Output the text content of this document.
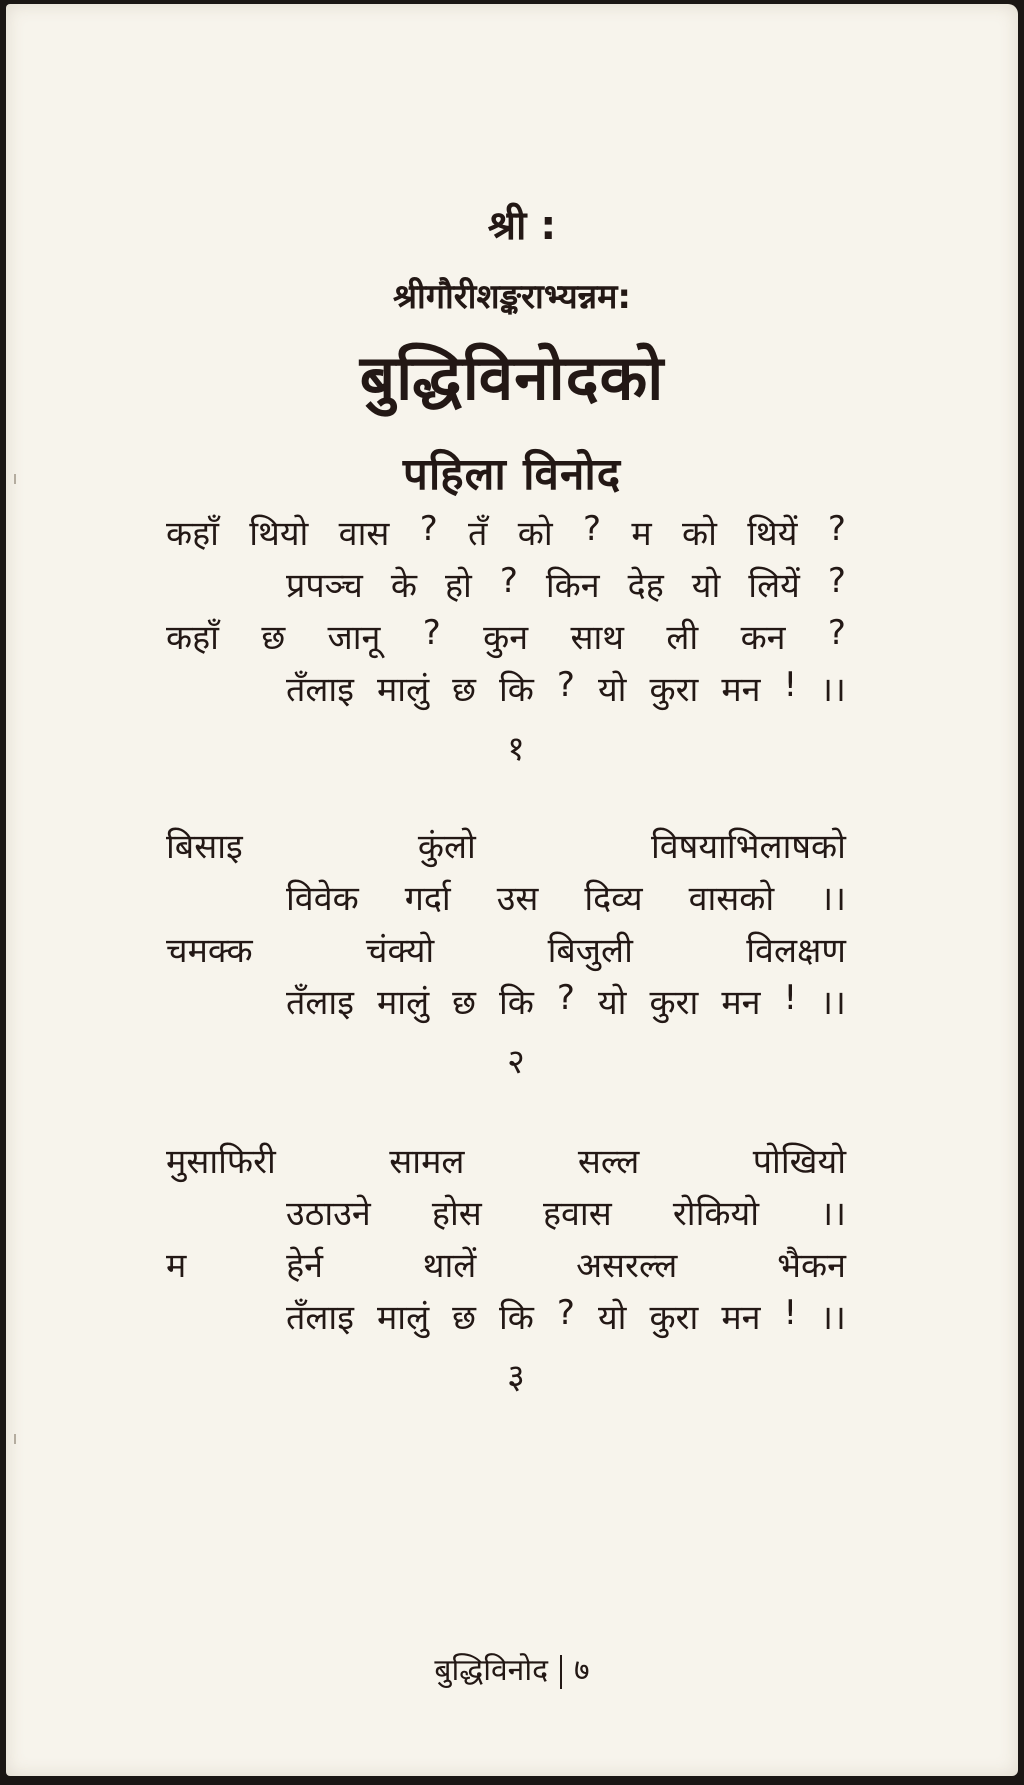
श्री :
श्रीगौरीशङ्कराभ्यन्नम:
बुद्धिविनोदको
पहिला विनोद
कहाँ थियो वास ? तँ को ? म को थियें ?
प्रपञ्च के हो ? किन देह यो लियें ?
कहाँ छ जानू ? कुन साथ ली कन ?
तँलाइ मालुं छ कि ? यो कुरा मन ! ।।
१
बिसाइ	कुंलो	विषयाभिलाषको
विवेक गर्दा उस दिव्य वासको ।।
चमक्क	चंक्यो	बिजुली	विलक्षण
तँलाइ मालुं छ कि ? यो कुरा मन ! ।।
२
मुसाफिरी	सामल	सल्ल	पोखियो
उठाउने होस हवास रोकियो ।।
म	हेर्न	थालें	असरल्ल	भैकन
तँलाइ मालुं छ कि ? यो कुरा मन ! ।।
३
बुद्धिविनोद ७
